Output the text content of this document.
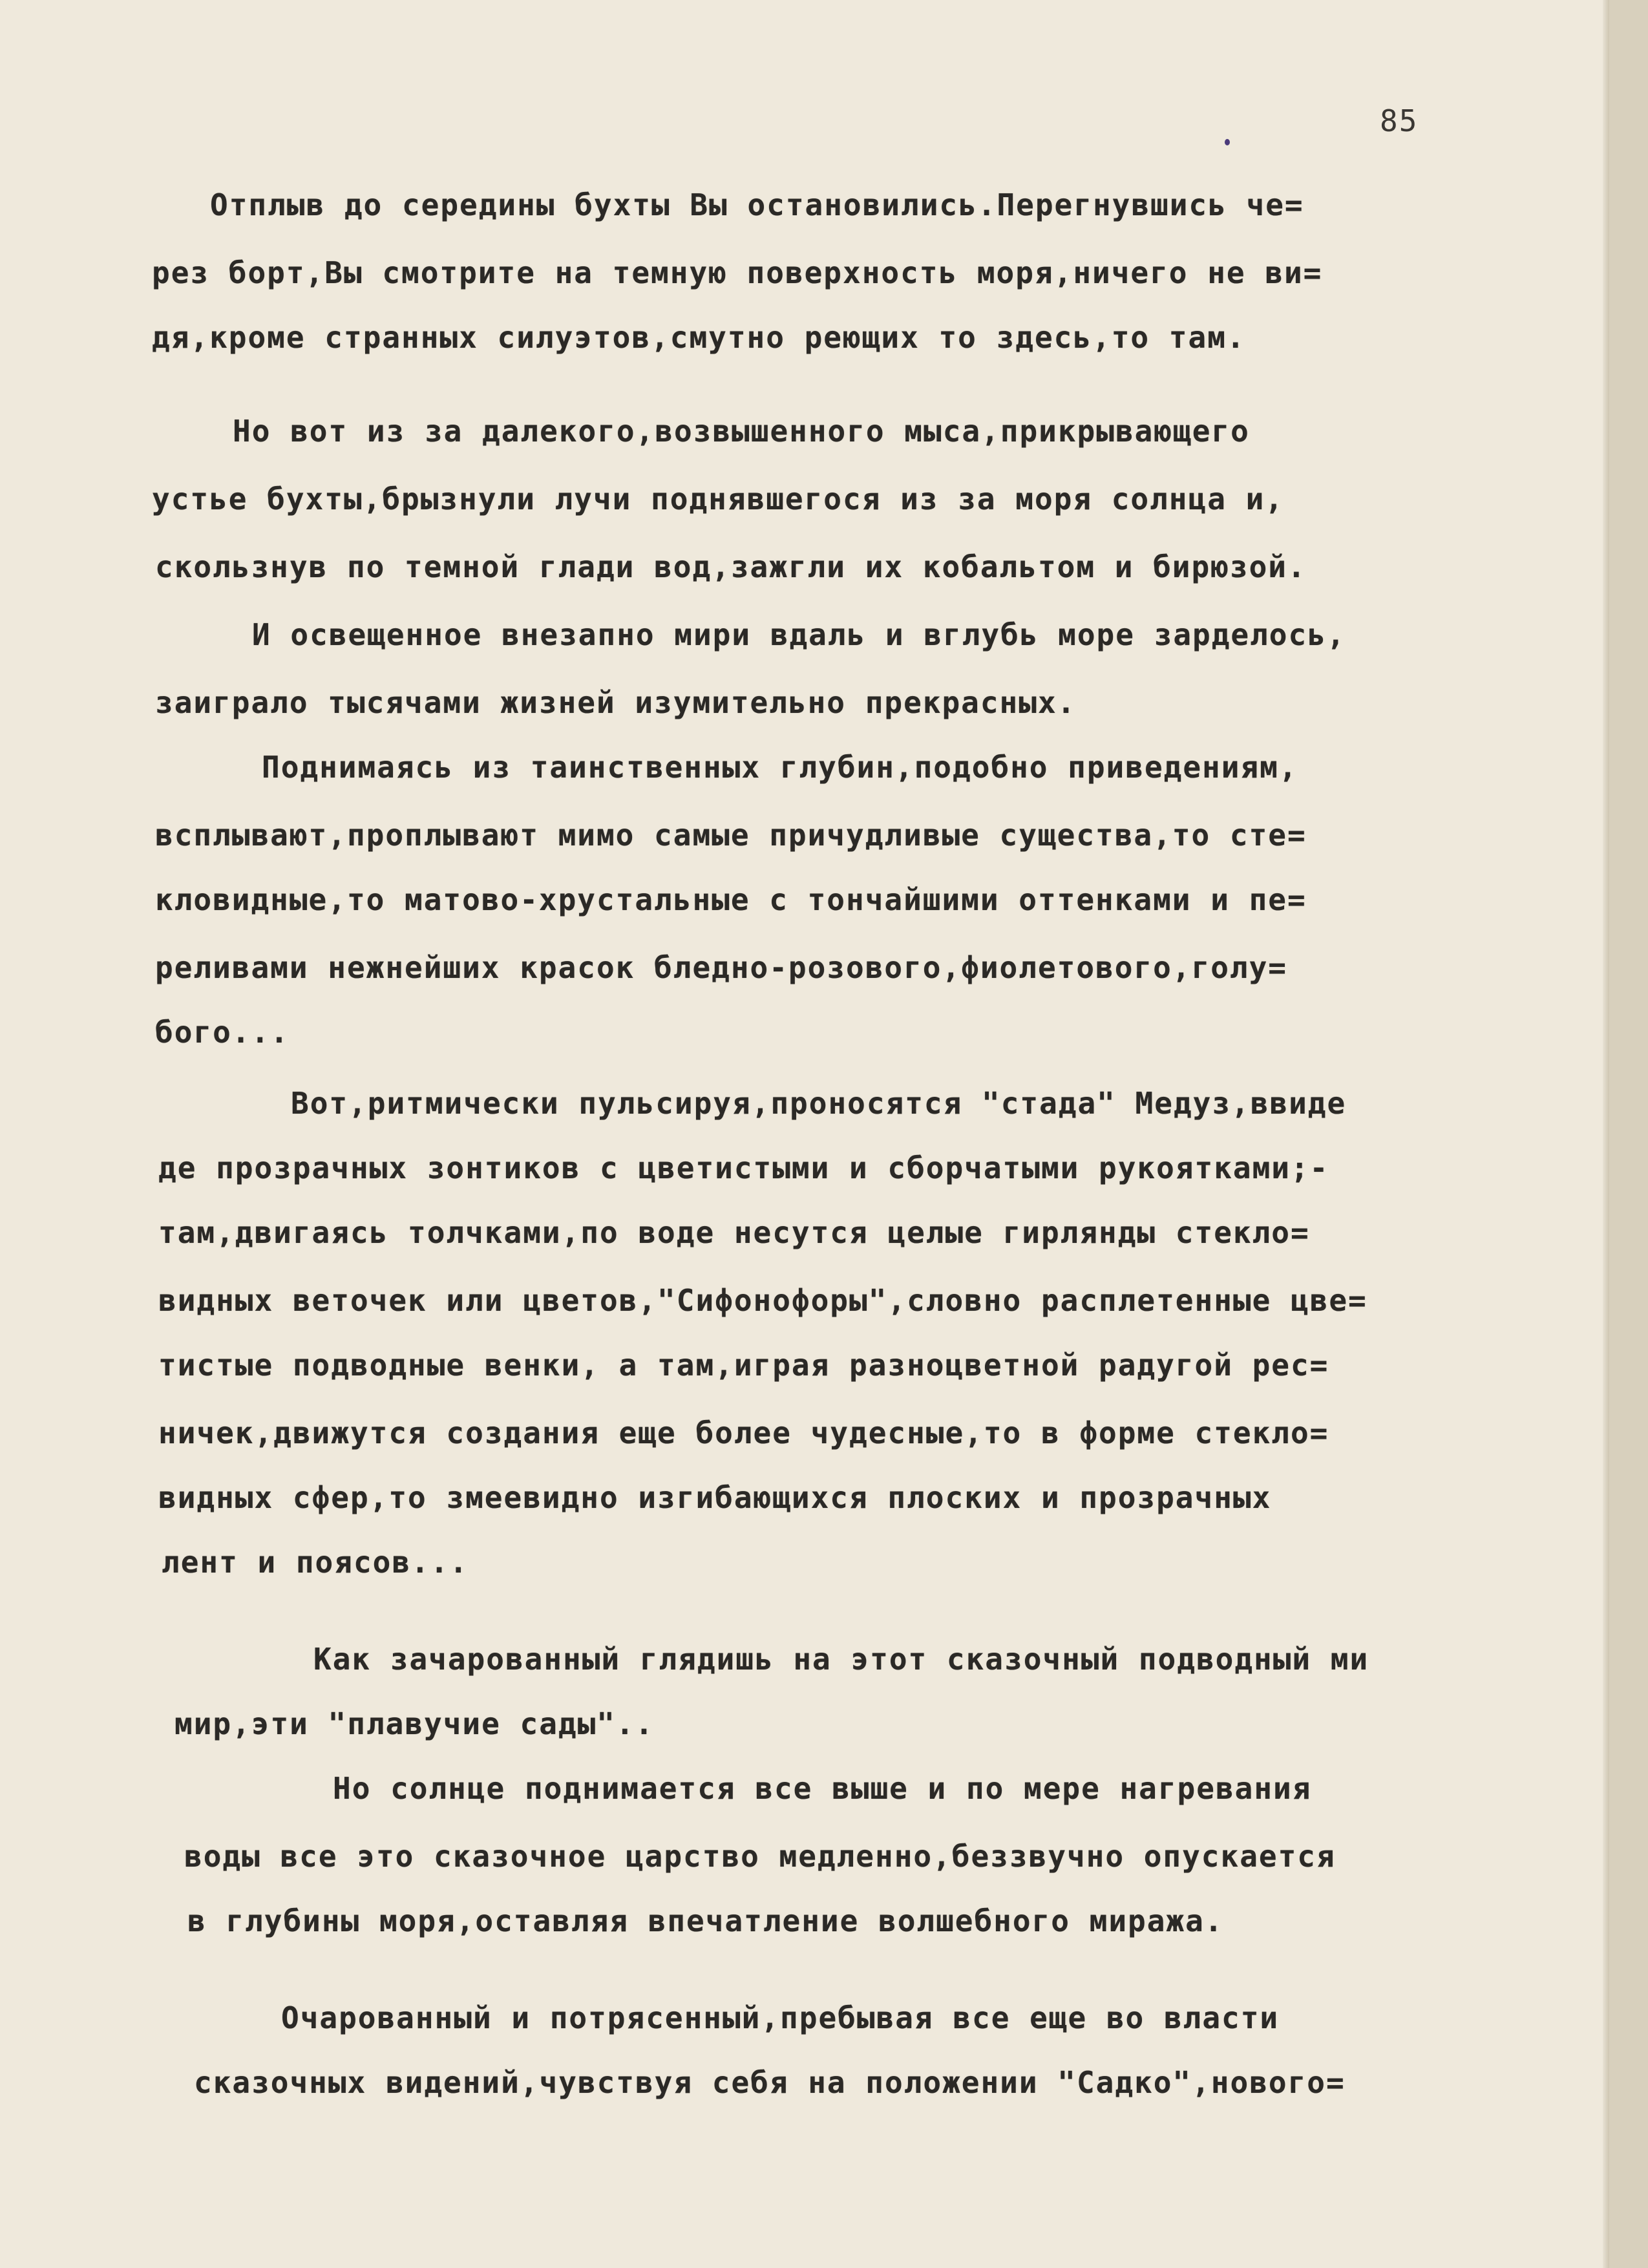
85

Отплыв до середины бухты Вы остановились.Перегнувшись че=

рез борт,Вы смотрите на темную поверхность моря,ничего не ви=

дя,кроме странных силуэтов,смутно реющих то здесь,то там.

Но вот из за далекого,возвышенного мыса,прикрывающего

устье бухты,брызнули лучи поднявшегося из за моря солнца и,

скользнув по темной глади вод,зажгли их кобальтом и бирюзой.

И освещенное внезапно мири вдаль и вглубь море зарделось,

заиграло тысячами жизней изумительно прекрасных.

Поднимаясь из таинственных глубин,подобно приведениям,

всплывают,проплывают мимо самые причудливые существа,то сте=

кловидные,то матово-хрустальные с тончайшими оттенками и пе=

реливами нежнейших красок бледно-розового,фиолетового,голу=

бого...

Вот,ритмически пульсируя,проносятся "стада" Медуз,ввиде

де прозрачных зонтиков с цветистыми и сборчатыми рукоятками;-

там,двигаясь толчками,по воде несутся целые гирлянды стекло=

видных веточек или цветов,"Сифонофоры",словно расплетенные цве=

тистые подводные венки, а там,играя разноцветной радугой рес=

ничек,движутся создания еще более чудесные,то в форме стекло=

видных сфер,то змеевидно изгибающихся плоских и прозрачных

лент и поясов...

Как зачарованный глядишь на этот сказочный подводный ми

мир,эти "плавучие сады"..

Но солнце поднимается все выше и по мере нагревания

воды все это сказочное царство медленно,беззвучно опускается

в глубины моря,оставляя впечатление волшебного миража.

Очарованный и потрясенный,пребывая все еще во власти

сказочных видений,чувствуя себя на положении "Садко",нового=
